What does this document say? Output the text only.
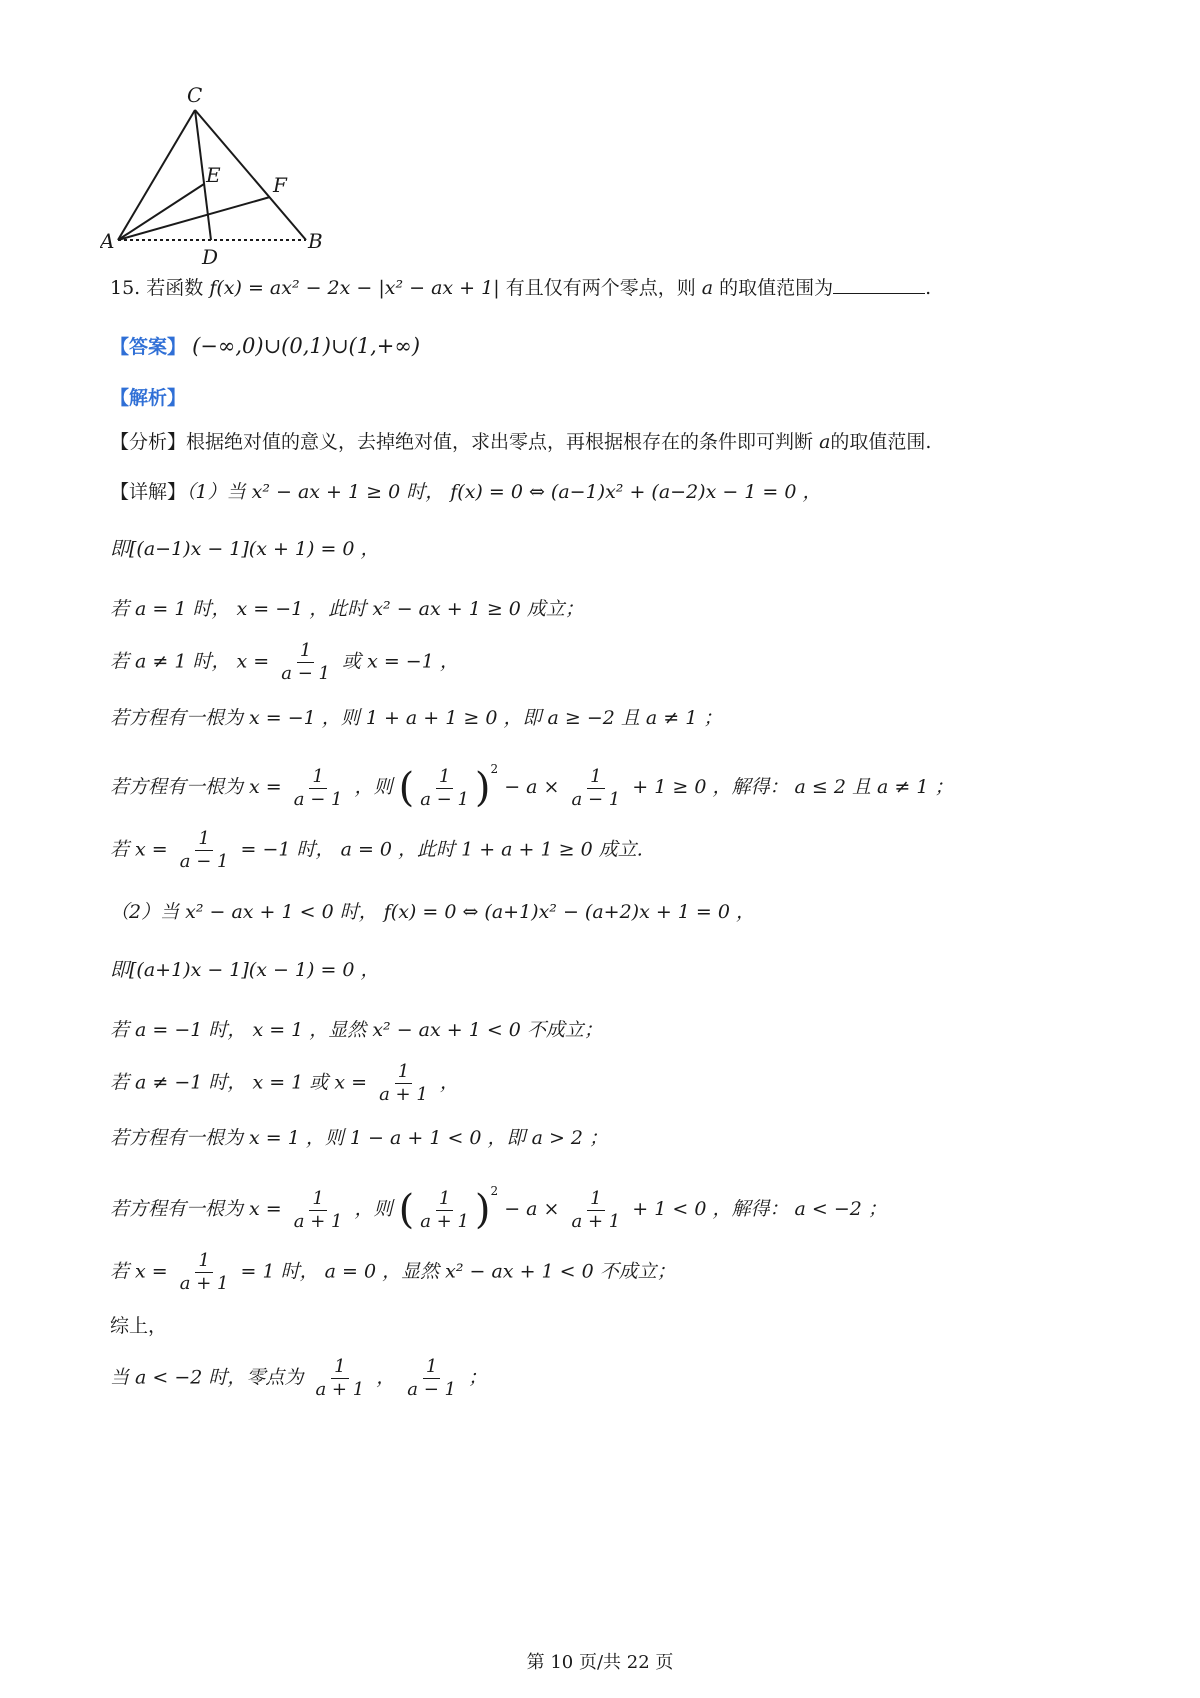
C
E	F
A
D
B
15. 若函数 f(x) = ax² − 2x − |x² − ax + 1| 有且仅有两个零点，则 a 的取值范围为	.
【答案】 (−∞,0)∪(0,1)∪(1,+∞)
【解析】
【分析】根据绝对值的意义，去掉绝对值，求出零点，再根据根存在的条件即可判断 a的取值范围.
【详解】（1）当 x² − ax + 1 ≥ 0 时， f(x) = 0 ⇔ (a−1)x² + (a−2)x − 1 = 0 ，
即[(a−1)x − 1](x + 1) = 0 ，
若 a = 1 时， x = −1 ，此时 x² − ax + 1 ≥ 0 成立；
若 a ≠ 1 时， $x = \frac{1}{a - 1}$ 或 x = −1 ，
若方程有一根为 x = −1 ，则 1 + a + 1 ≥ 0 ，即 a ≥ −2 且 a ≠ 1 ；
若方程有一根为 $x = \frac{1}{a - 1}$ ，则 ( $\frac{1}{a - 1} )^2 - a \times \frac{1}{a - 1} + 1 \ge 0$ ，解得： a ≤ 2 且 a ≠ 1 ；
若 $x = \frac{1}{a - 1} = -1$ 时， a = 0 ，此时 1 + a + 1 ≥ 0 成立.
（2）当 x² − ax + 1 < 0 时， f(x) = 0 ⇔ (a+1)x² − (a+2)x + 1 = 0 ，
即[(a+1)x − 1](x − 1) = 0 ，
若 a = −1 时， x = 1 ，显然 x² − ax + 1 < 0 不成立；
若 a ≠ −1 时， x = 1 或 $x = \frac{1}{a + 1}$ ，
若方程有一根为 x = 1 ，则 1 − a + 1 < 0 ，即 a > 2 ；
若方程有一根为 $x = \frac{1}{a + 1}$ ，则 ( $\frac{1}{a + 1} )^2 - a \times \frac{1}{a + 1} + 1 < 0$ ，解得： a < −2 ；
若 $x = \frac{1}{a + 1} = 1$ 时， a = 0 ，显然 x² − ax + 1 < 0 不成立；
综上，
当 a < −2 时，零点为 $\frac{1}{a + 1}$ ， $\frac{1}{a - 1}$ ；
第 10 页/共 22 页
